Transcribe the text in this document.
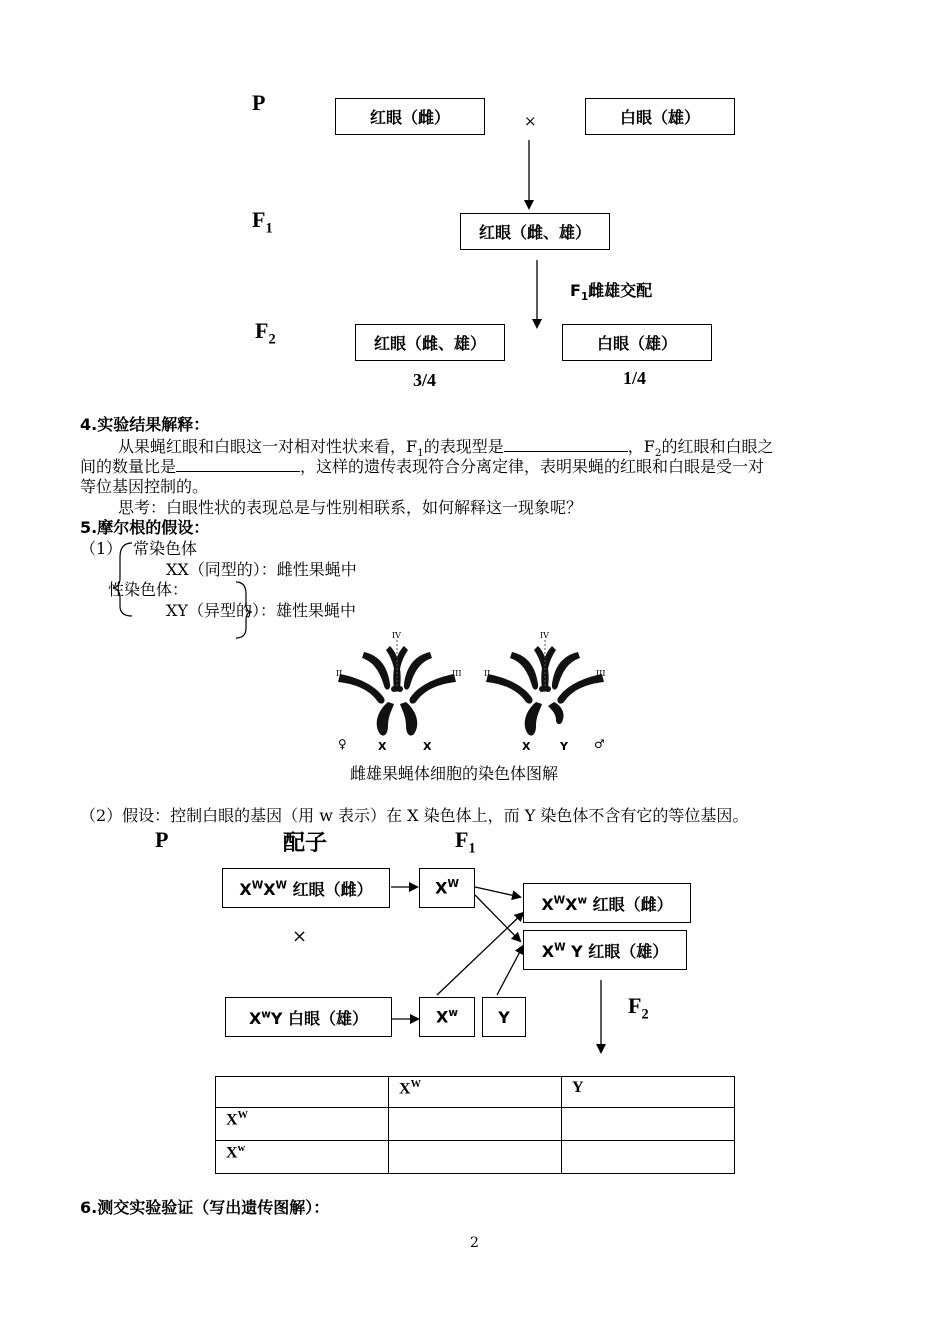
P
红眼（雌）	×	白眼（雄）
$F_1$	红眼（雌、雄）
$F_1$雌雄交配
$F_2$	红眼（雌、雄）	白眼（雄）
3/4	1/4
4.实验结果解释：
从果蝇红眼和白眼这一对相对性状来看，$F_1$的表现型是	，$F_2$的红眼和白眼之
间的数量比是	，这样的遗传表现符合分离定律，表明果蝇的红眼和白眼是受一对
等位基因控制的。
思考：白眼性状的表现总是与性别相联系，如何解释这一现象呢？
5.摩尔根的假设：
（1） 常染色体
XX（同型的）：雌性果蝇中
性染色体：
XY（异型的）：雄性果蝇中
IV
II	III
♀	X	X
IV
II	III
X	Y ♂
雌雄果蝇体细胞的染色体图解
（2）假设：控制白眼的基因（用 w 表示）在 X 染色体上，而 Y 染色体不含有它的等位基因。
P	配子	$F_1$
$X^WX^W$ 红眼（雌）	$X^W$
$X^WX^w$ 红眼（雌）
$X^W$ Y 红眼（雄）
×
$X^wY$ 白眼（雄）	$X^w$	Y	$F_2$
	$X^W$	Y
$X^W$		
$X^w$		
6.测交实验验证（写出遗传图解）：
2
